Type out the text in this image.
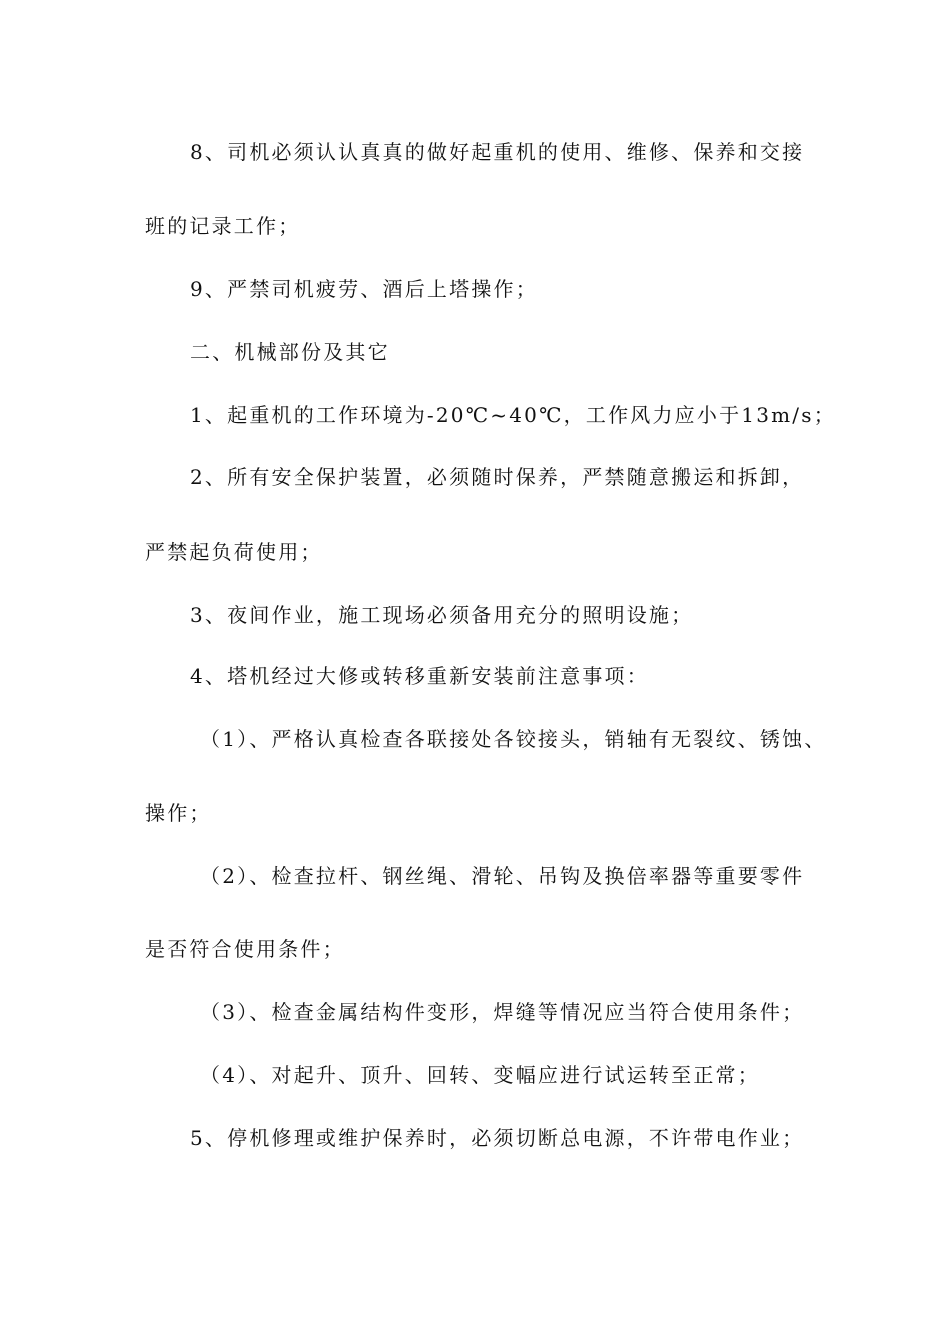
8、司机必须认认真真的做好起重机的使用、维修、保养和交接
班的记录工作；
9、严禁司机疲劳、酒后上塔操作；
二、机械部份及其它
1、起重机的工作环境为-20℃~40℃，工作风力应小于13m/s；
2、所有安全保护装置，必须随时保养，严禁随意搬运和拆卸，
严禁起负荷使用；
3、夜间作业，施工现场必须备用充分的照明设施；
4、塔机经过大修或转移重新安装前注意事项：
（1）、严格认真检查各联接处各铰接头，销轴有无裂纹、锈蚀、
操作；
（2）、检查拉杆、钢丝绳、滑轮、吊钩及换倍率器等重要零件
是否符合使用条件；
（3）、检查金属结构件变形，焊缝等情况应当符合使用条件；
（4）、对起升、顶升、回转、变幅应进行试运转至正常；
5、停机修理或维护保养时，必须切断总电源，不许带电作业；
